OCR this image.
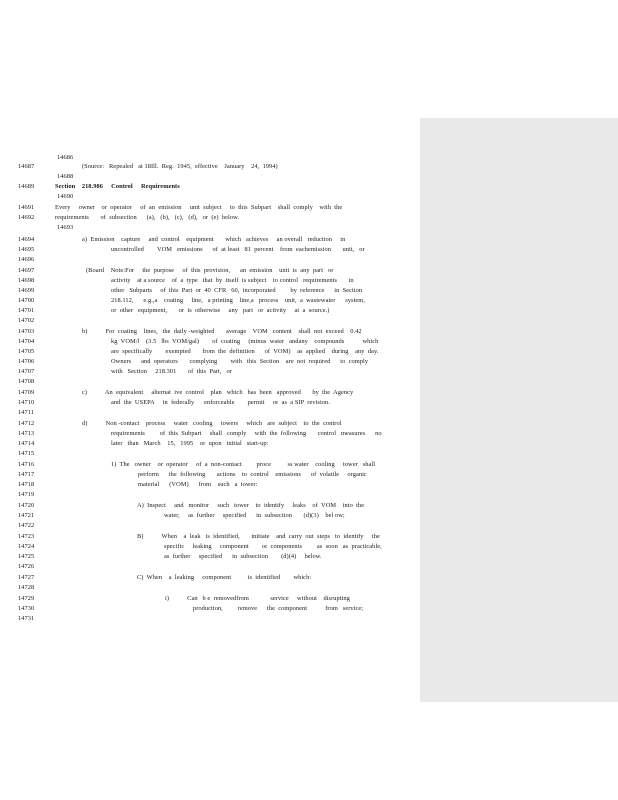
14686
14687	(Source:   Repealed   at 18Ill.  Reg.  1945,  effective    January    24,  1994)
14688
14689	Section    218.986     Control     Requirements
14690
14691	Every     owner    or  operator     of  an  emission     unit  subject     to  this  Subpart    shall  comply    with  the
14692	requirements       of  subsection      (a),   (b),   (c),   (d),   or  (e)  below.
14693
14694	a)  Emission    capture     and  control    equipment       which   achieves     an overall   reduction     in
14695	uncontrolled        VOM   emissions      of  at least   81  percent    from  eachemission       unit,   or
14696
14697	(Board    Note:For     the  purpose     of  this  provision,      an  emission    unit  is  any  part   or
14698	activity    at a source    of  a  type   that  by  itself  is subject    to control   requirements       in
14699	other   Subparts     of  this  Part  or  40  CFR   60,  incorporated         by  reference      in  Section
14700	218.112,      e.g.,a    coating     line,   a printing    line,a   process    unit,  a  wastewater      system,
14701	or  other   equipment,       or  is  otherwise     any   part   or  activity     at  a  source.)
14702
14703	b)           For  coating    lines,   the  daily -weighted       average    VOM   content    shall  not  exceed    0.42
14704	kg  VOM/l    (3.5   lbs  VOM/gal)        of  coating     (minus  water   andany    compounds           which
14705	are  specifically        exempted       from  the  definition      of  VOM)    as  applied    during    any  day.
14706	Owners      and  operators       complying        with   this  Section    are  not  required      to  comply
14707	with   Section     218.301       of  this  Part,   or
14708
14709	c)           An  equivalent     alternat  ive  control    plan   which   has  been   approved       by  the  Agency
14710	and  the  USEPA     in  federally      enforceable        permit     or  as  a SIP  revision.
14711
14712	d)           Non -contact    process     water   cooling     towers     which   are  subject    to  the  control
14713	requirements         of  this  Subpart     shall   comply     with  the  following       control   measures      no
14714	later   than   March    15,   1995    or  upon   initial   start-up:
14715
14716	1)  The   owner    or  operator     of  a  non-contact         proce          ss water    cooling     tower   shall
14717	perform      the  following       actions    to  control    emissions      of  volatile     organic
14718	material      (VOM)      from    such   a  tower:
14719
14720	A)  Inspect     and   monitor     such   tower    to  identify     leaks    of  VOM    into  the
14721	water,     as  further     specified      in  subsection       (d)(3)    bel ow;
14722
14723	B)           When    a  leak   is  identified,       initiate    and  carry  out  steps   to  identify     the
14724	specific     leaking     component        or  components         as  soon   as  practicable,
14725	as  further     specified      in  subsection        (d)(4)     below.
14726
14727	C)  When    a  leaking     component          is  identified        which:
14728
14729	i)           Can   b e  removedfrom             service     without    disrupting
14730	production,         remove      the  component           from   service;
14731
